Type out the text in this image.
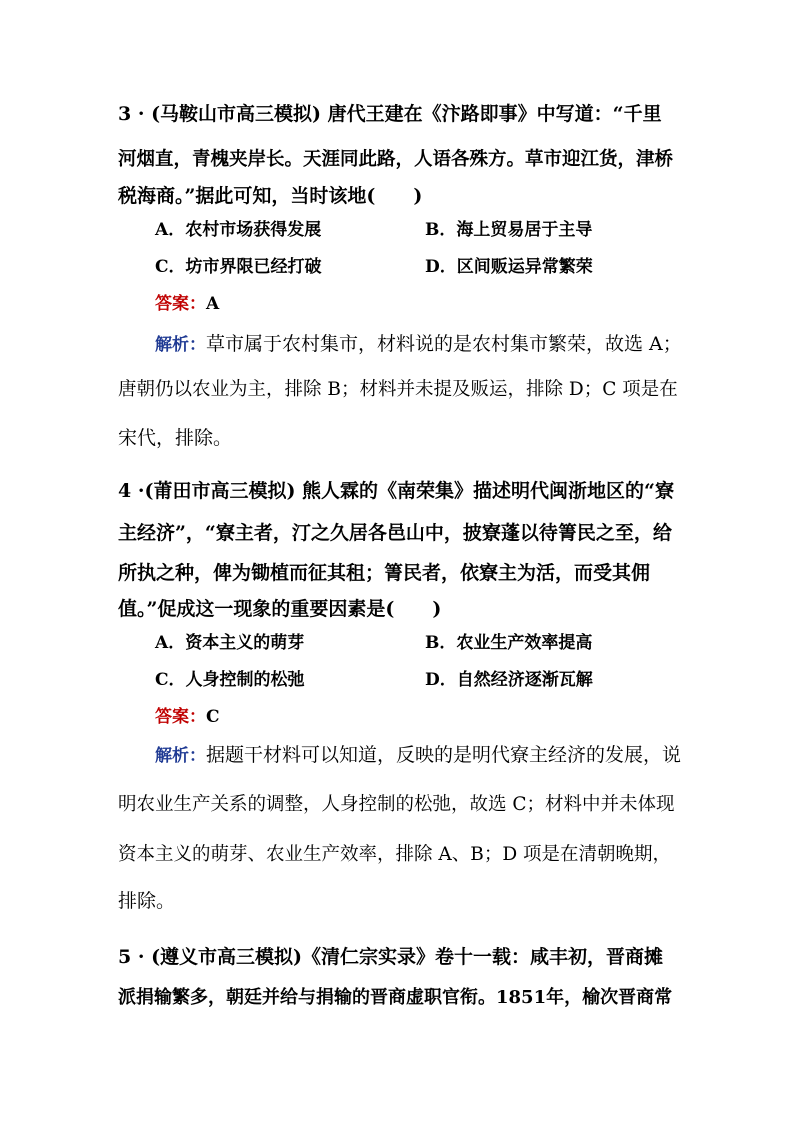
3 · (马鞍山市高三模拟) 唐代王建在《汴路即事》中写道：“千里
河烟直，青槐夹岸长。天涯同此路，人语各殊方。草市迎江货，津桥
税海商。”据此可知，当时该地(　　)
A．农村市场获得发展	B．海上贸易居于主导
C．坊市界限已经打破	D．区间贩运异常繁荣
答案：A
解析：草市属于农村集市，材料说的是农村集市繁荣，故选 A；
唐朝仍以农业为主，排除 B；材料并未提及贩运，排除 D；C 项是在
宋代，排除。
4 ·(莆田市高三模拟) 熊人霖的《南荣集》描述明代闽浙地区的“寮
主经济”，“寮主者，汀之久居各邑山中，披寮蓬以待箐民之至，给
所执之种，俾为锄植而征其租；箐民者，依寮主为活，而受其佣
值。”促成这一现象的重要因素是(　　)
A．资本主义的萌芽	B．农业生产效率提高
C．人身控制的松弛	D．自然经济逐渐瓦解
答案：C
解析：据题干材料可以知道，反映的是明代寮主经济的发展，说
明农业生产关系的调整，人身控制的松弛，故选 C；材料中并未体现
资本主义的萌芽、农业生产效率，排除 A、B；D 项是在清朝晚期，
排除。
5 · (遵义市高三模拟)《清仁宗实录》卷十一载：咸丰初，晋商摊
派捐输繁多，朝廷并给与捐输的晋商虚职官衔。1851年，榆次晋商常
